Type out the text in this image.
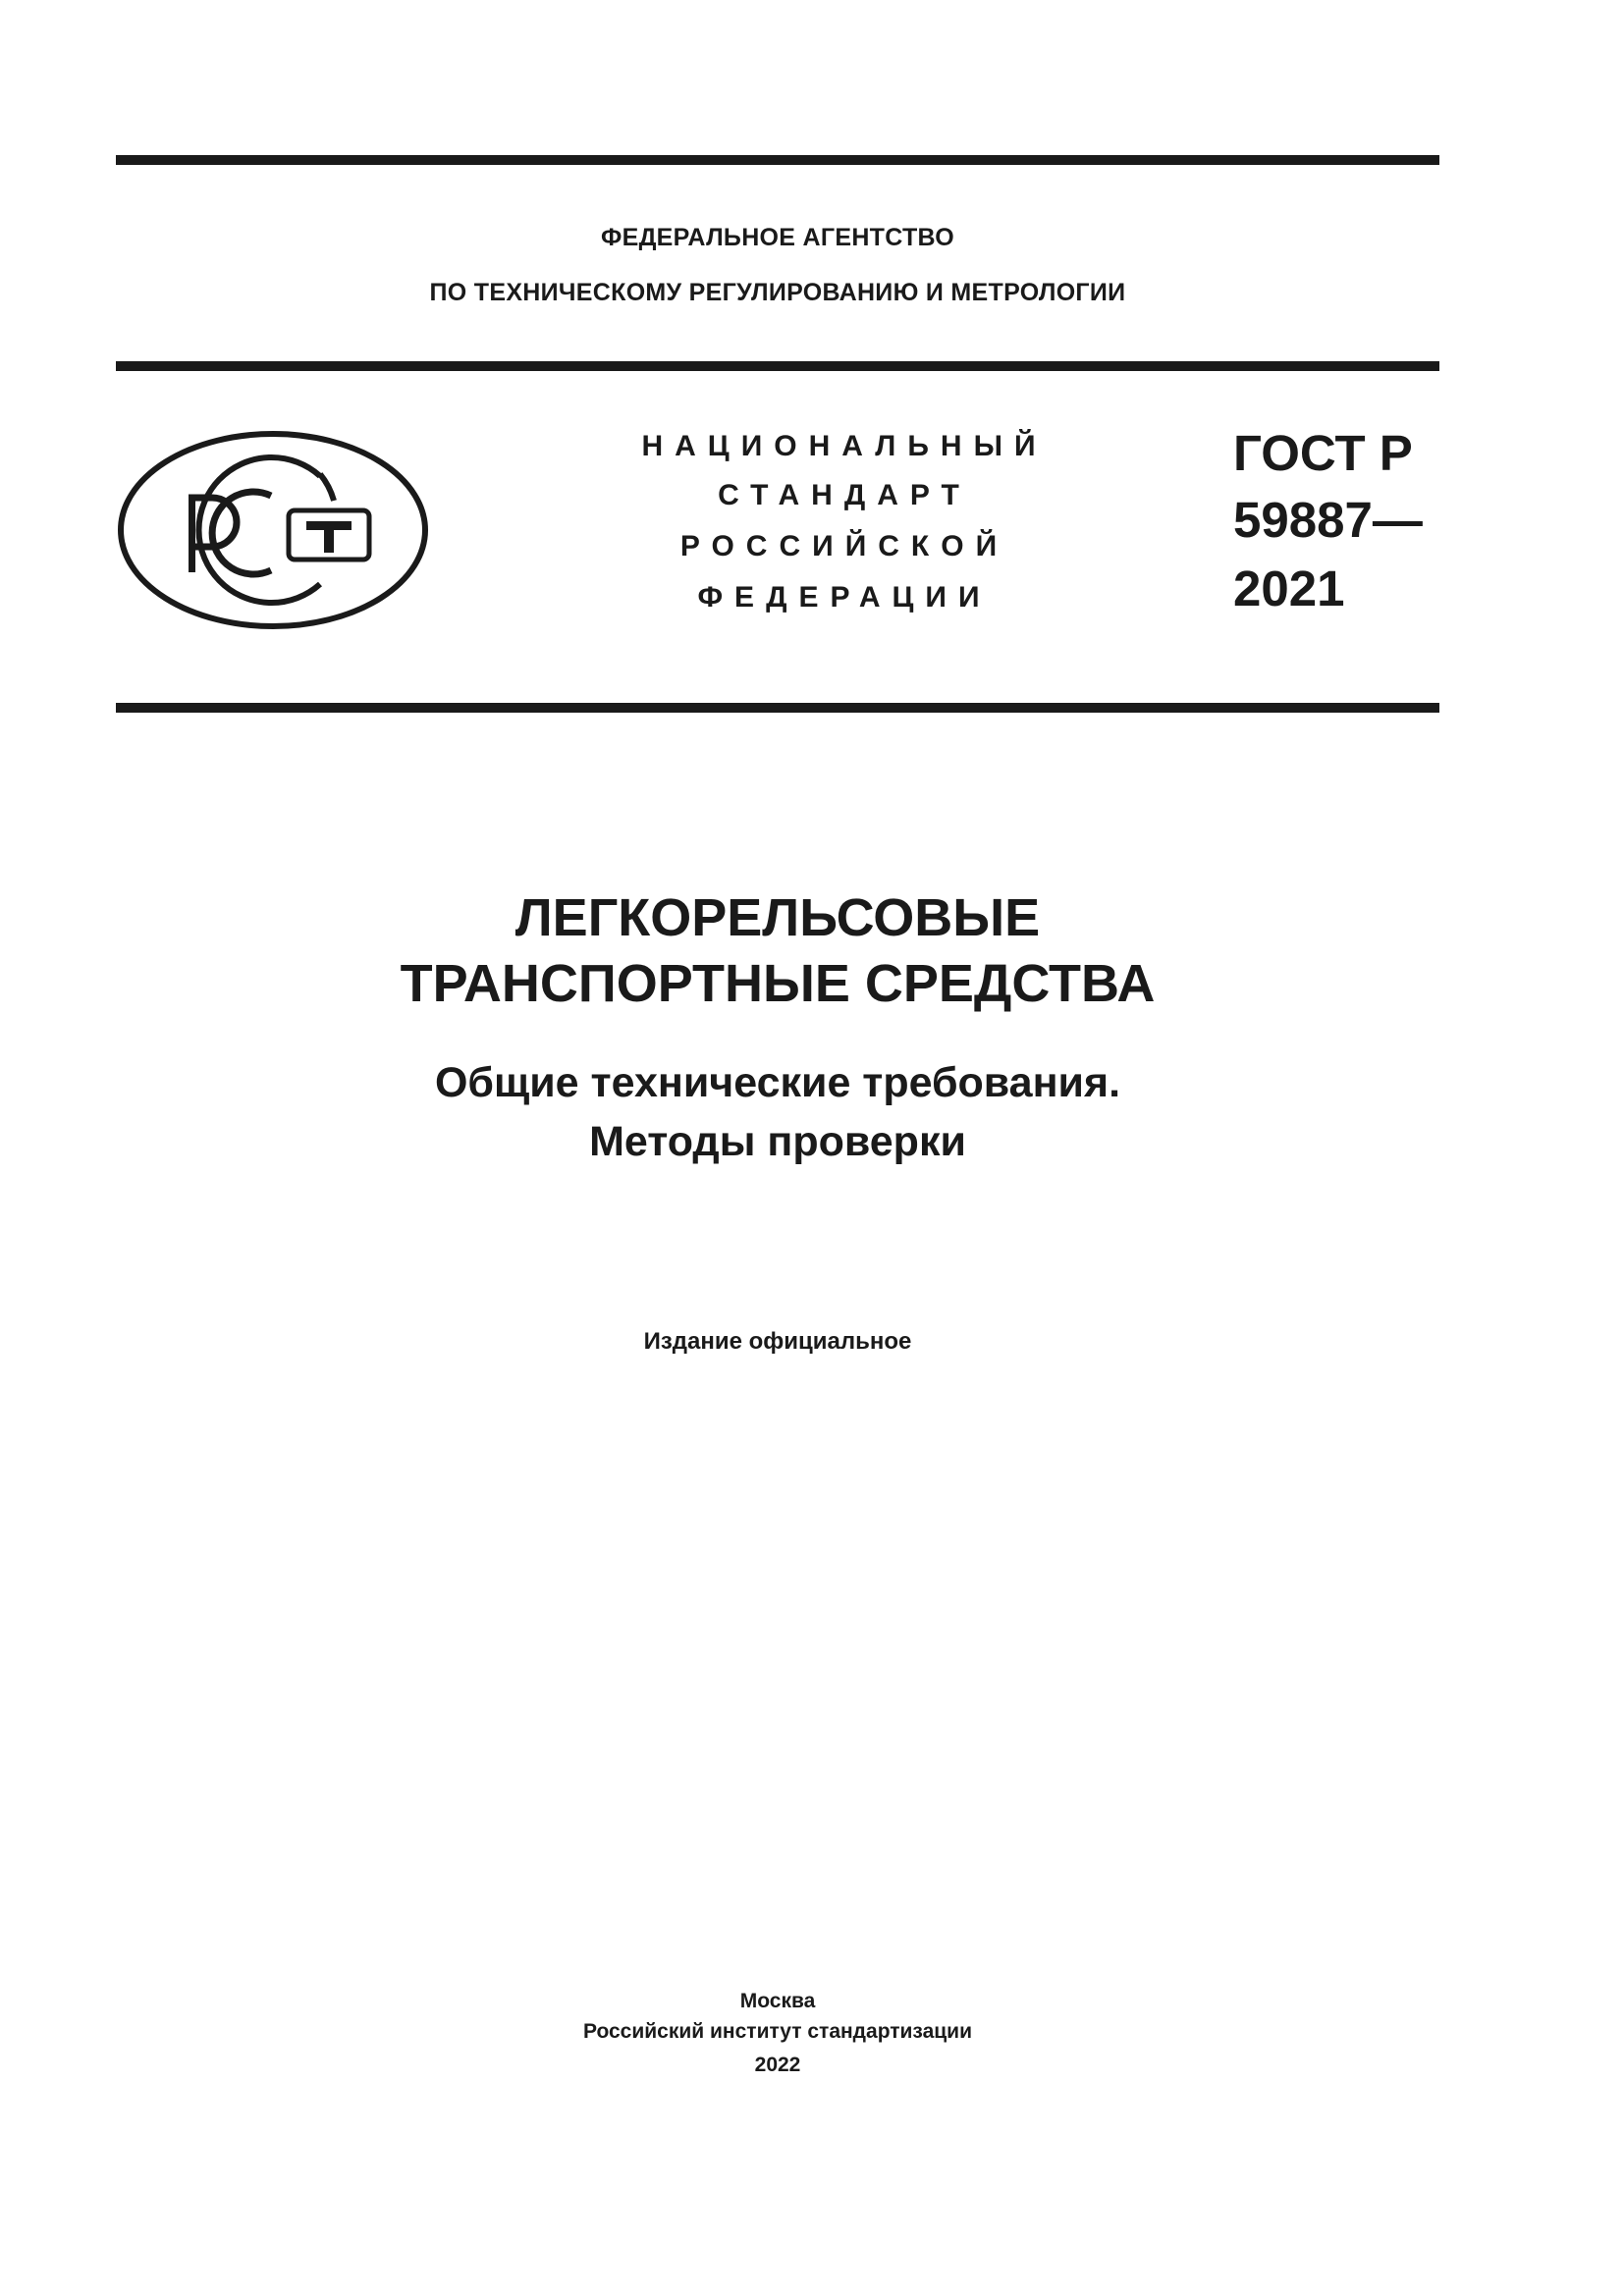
ФЕДЕРАЛЬНОЕ АГЕНТСТВО
ПО ТЕХНИЧЕСКОМУ РЕГУЛИРОВАНИЮ И МЕТРОЛОГИИ
НАЦИОНАЛЬНЫЙ
СТАНДАРТ
РОССИЙСКОЙ
ФЕДЕРАЦИИ
ГОСТ Р
59887—
2021
ЛЕГКОРЕЛЬСОВЫЕ
ТРАНСПОРТНЫЕ СРЕДСТВА
Общие технические требования.
Методы проверки
Издание официальное
Москва
Российский институт стандартизации
2022
